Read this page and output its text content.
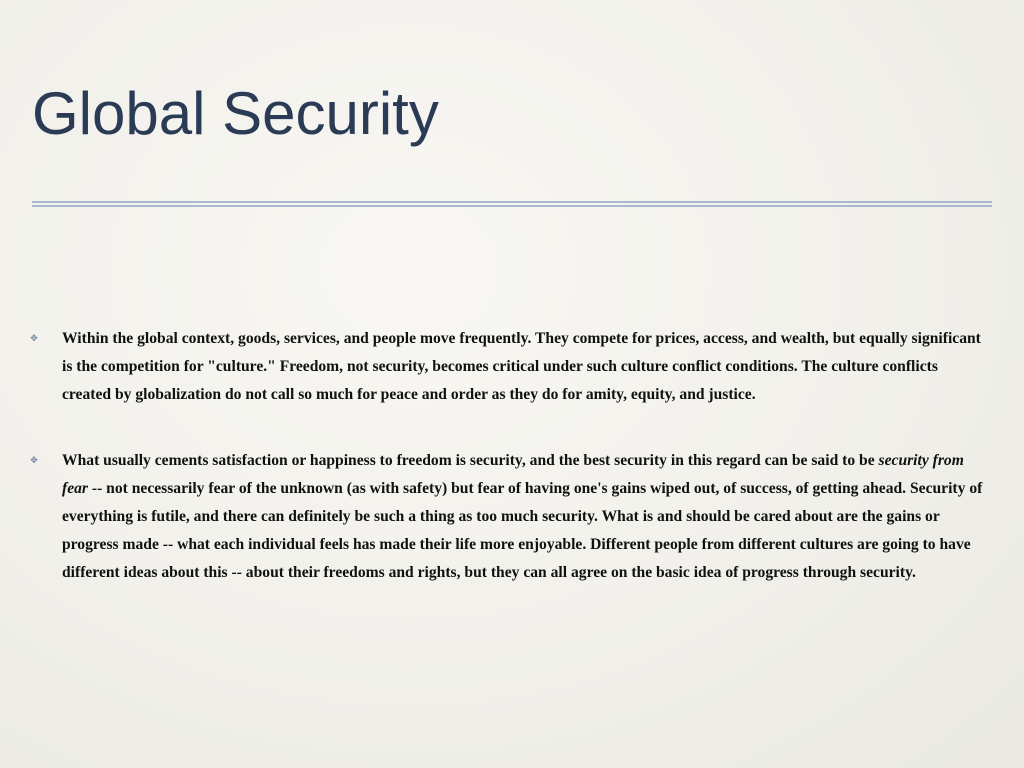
Global Security
✥ Within the global context, goods, services, and people move frequently. They compete for prices, access, and wealth, but equally significant is the competition for "culture." Freedom, not security, becomes critical under such culture conflict conditions. The culture conflicts created by globalization do not call so much for peace and order as they do for amity, equity, and justice.
✥ What usually cements satisfaction or happiness to freedom is security, and the best security in this regard can be said to be security from fear -- not necessarily fear of the unknown (as with safety) but fear of having one's gains wiped out, of success, of getting ahead. Security of everything is futile, and there can definitely be such a thing as too much security. What is and should be cared about are the gains or progress made -- what each individual feels has made their life more enjoyable. Different people from different cultures are going to have different ideas about this -- about their freedoms and rights, but they can all agree on the basic idea of progress through security.
